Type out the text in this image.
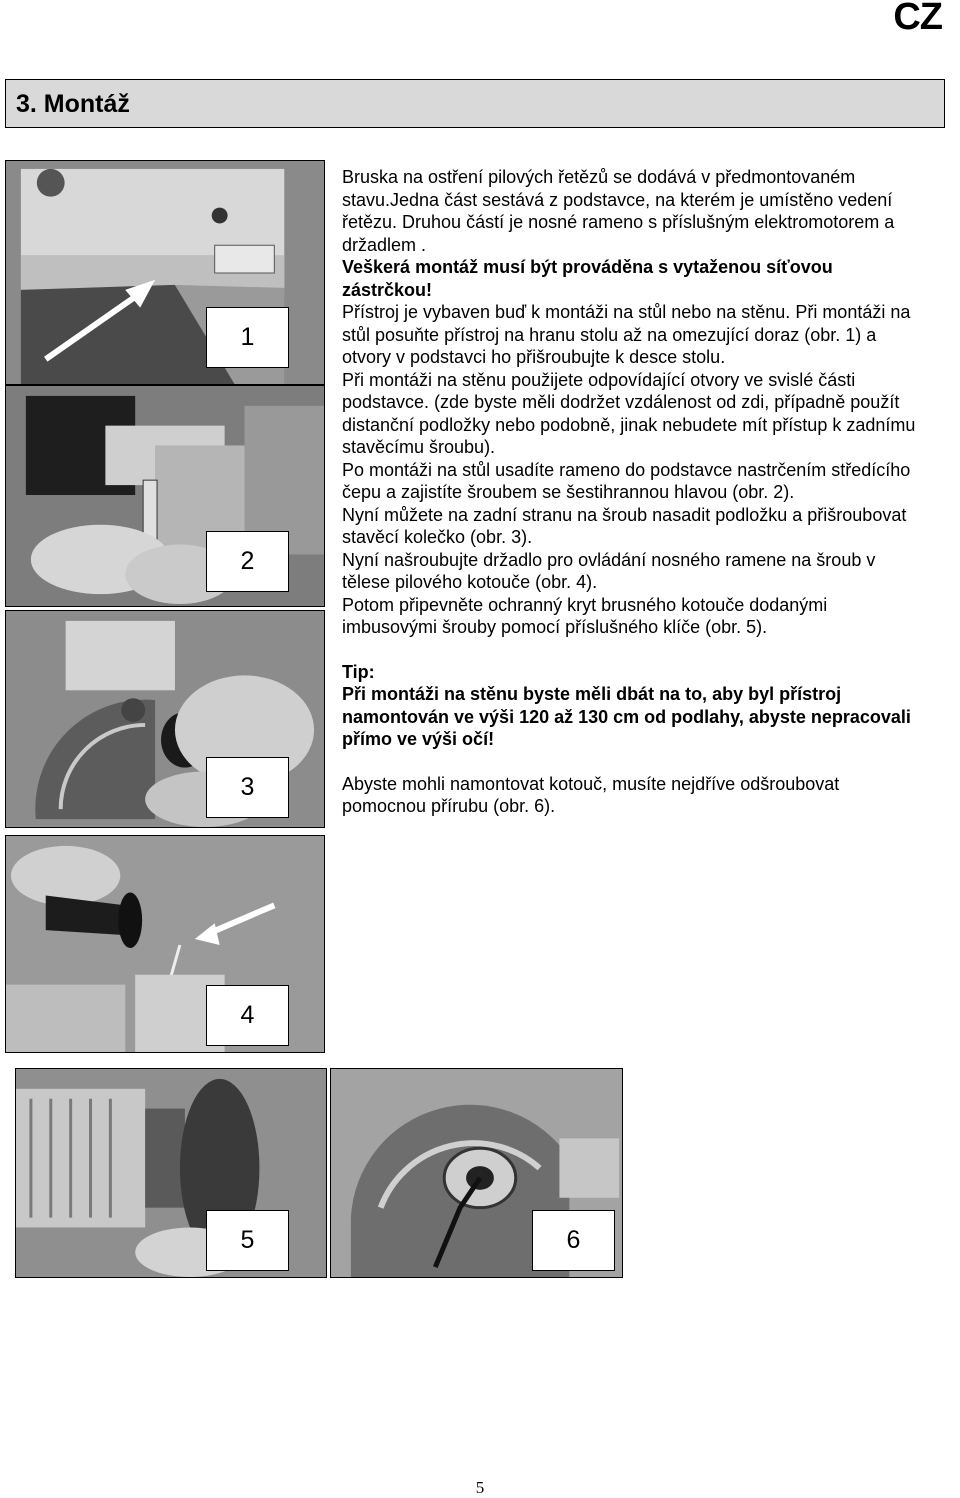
CZ
3. Montáž
1
2
3
4
5	6

Bruska na ostření pilových řetězů se dodává v předmontovaném stavu.Jedna část sestává z podstavce, na kterém je umístěno vedení řetězu. Druhou částí je nosné rameno s příslušným elektromotorem a držadlem .

Veškerá montáž musí být prováděna s vytaženou síťovou zástrčkou!

Přístroj je vybaven buď k montáži na stůl nebo na stěnu. Při montáži na stůl posuňte přístroj na hranu stolu až na omezující doraz (obr. 1) a otvory v podstavci ho přišroubujte k desce stolu.

Při montáži na stěnu použijete odpovídající otvory ve svislé části podstavce. (zde byste měli dodržet vzdálenost od zdi, případně použít distanční podložky nebo podobně, jinak nebudete mít přístup k zadnímu stavěcímu šroubu).

Po montáži na stůl usadíte rameno do podstavce nastrčením středícího čepu a zajistíte šroubem se šestihrannou hlavou (obr. 2).

Nyní můžete na zadní stranu na šroub nasadit podložku a přišroubovat stavěcí kolečko (obr. 3).

Nyní našroubujte držadlo pro ovládání nosného ramene na šroub v tělese pilového kotouče (obr. 4).

Potom připevněte ochranný kryt brusného kotouče dodanými imbusovými šrouby pomocí příslušného klíče (obr. 5).

Tip:

Při montáži na stěnu byste měli dbát na to, aby byl přístroj namontován ve výši 120 až 130 cm od podlahy, abyste nepracovali přímo ve výši očí!

Abyste mohli namontovat kotouč, musíte nejdříve odšroubovat pomocnou přírubu (obr. 6).

5
